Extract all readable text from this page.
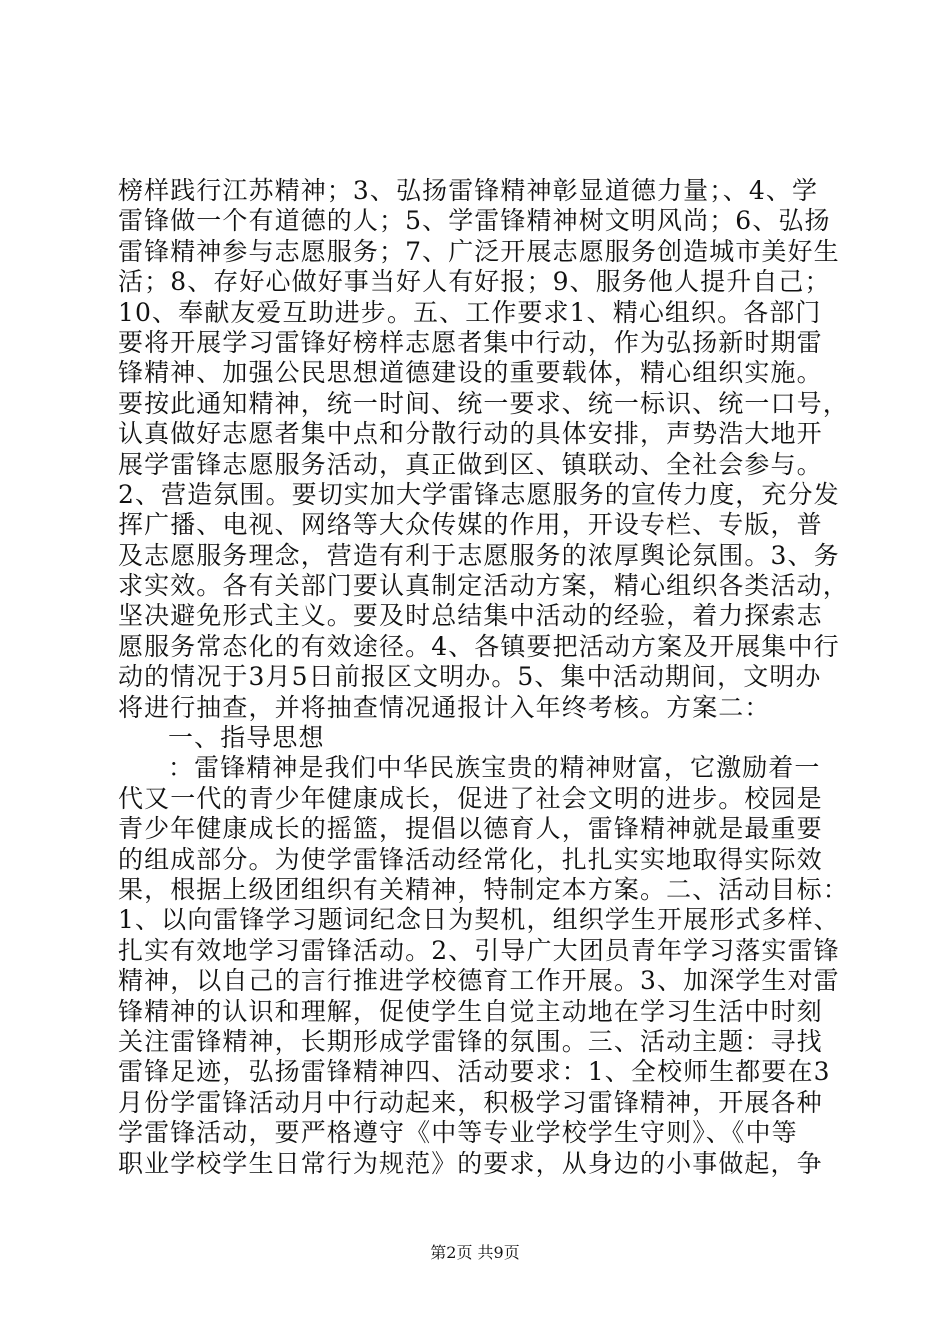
榜样践行江苏精神；3、弘扬雷锋精神彰显道德力量；、4、学
雷锋做一个有道德的人；5、学雷锋精神树文明风尚；6、弘扬
雷锋精神参与志愿服务；7、广泛开展志愿服务创造城市美好生
活；8、存好心做好事当好人有好报；9、服务他人提升自己；
10、奉献友爱互助进步。五、工作要求1、精心组织。各部门
要将开展学习雷锋好榜样志愿者集中行动，作为弘扬新时期雷
锋精神、加强公民思想道德建设的重要载体，精心组织实施。
要按此通知精神，统一时间、统一要求、统一标识、统一口号，
认真做好志愿者集中点和分散行动的具体安排，声势浩大地开
展学雷锋志愿服务活动，真正做到区、镇联动、全社会参与。
2、营造氛围。要切实加大学雷锋志愿服务的宣传力度，充分发
挥广播、电视、网络等大众传媒的作用，开设专栏、专版，普
及志愿服务理念，营造有利于志愿服务的浓厚舆论氛围。3、务
求实效。各有关部门要认真制定活动方案，精心组织各类活动，
坚决避免形式主义。要及时总结集中活动的经验，着力探索志
愿服务常态化的有效途径。4、各镇要把活动方案及开展集中行
动的情况于3月5日前报区文明办。5、集中活动期间，文明办
将进行抽查，并将抽查情况通报计入年终考核。方案二：
一、指导思想
：雷锋精神是我们中华民族宝贵的精神财富，它激励着一
代又一代的青少年健康成长，促进了社会文明的进步。校园是
青少年健康成长的摇篮，提倡以德育人，雷锋精神就是最重要
的组成部分。为使学雷锋活动经常化，扎扎实实地取得实际效
果，根据上级团组织有关精神，特制定本方案。二、活动目标：
1、以向雷锋学习题词纪念日为契机，组织学生开展形式多样、
扎实有效地学习雷锋活动。2、引导广大团员青年学习落实雷锋
精神，以自己的言行推进学校德育工作开展。3、加深学生对雷
锋精神的认识和理解，促使学生自觉主动地在学习生活中时刻
关注雷锋精神，长期形成学雷锋的氛围。三、活动主题：寻找
雷锋足迹，弘扬雷锋精神四、活动要求：1、全校师生都要在3
月份学雷锋活动月中行动起来，积极学习雷锋精神，开展各种
学雷锋活动，要严格遵守《中等专业学校学生守则》、《中等
职业学校学生日常行为规范》的要求，从身边的小事做起，争
第2页 共9页
